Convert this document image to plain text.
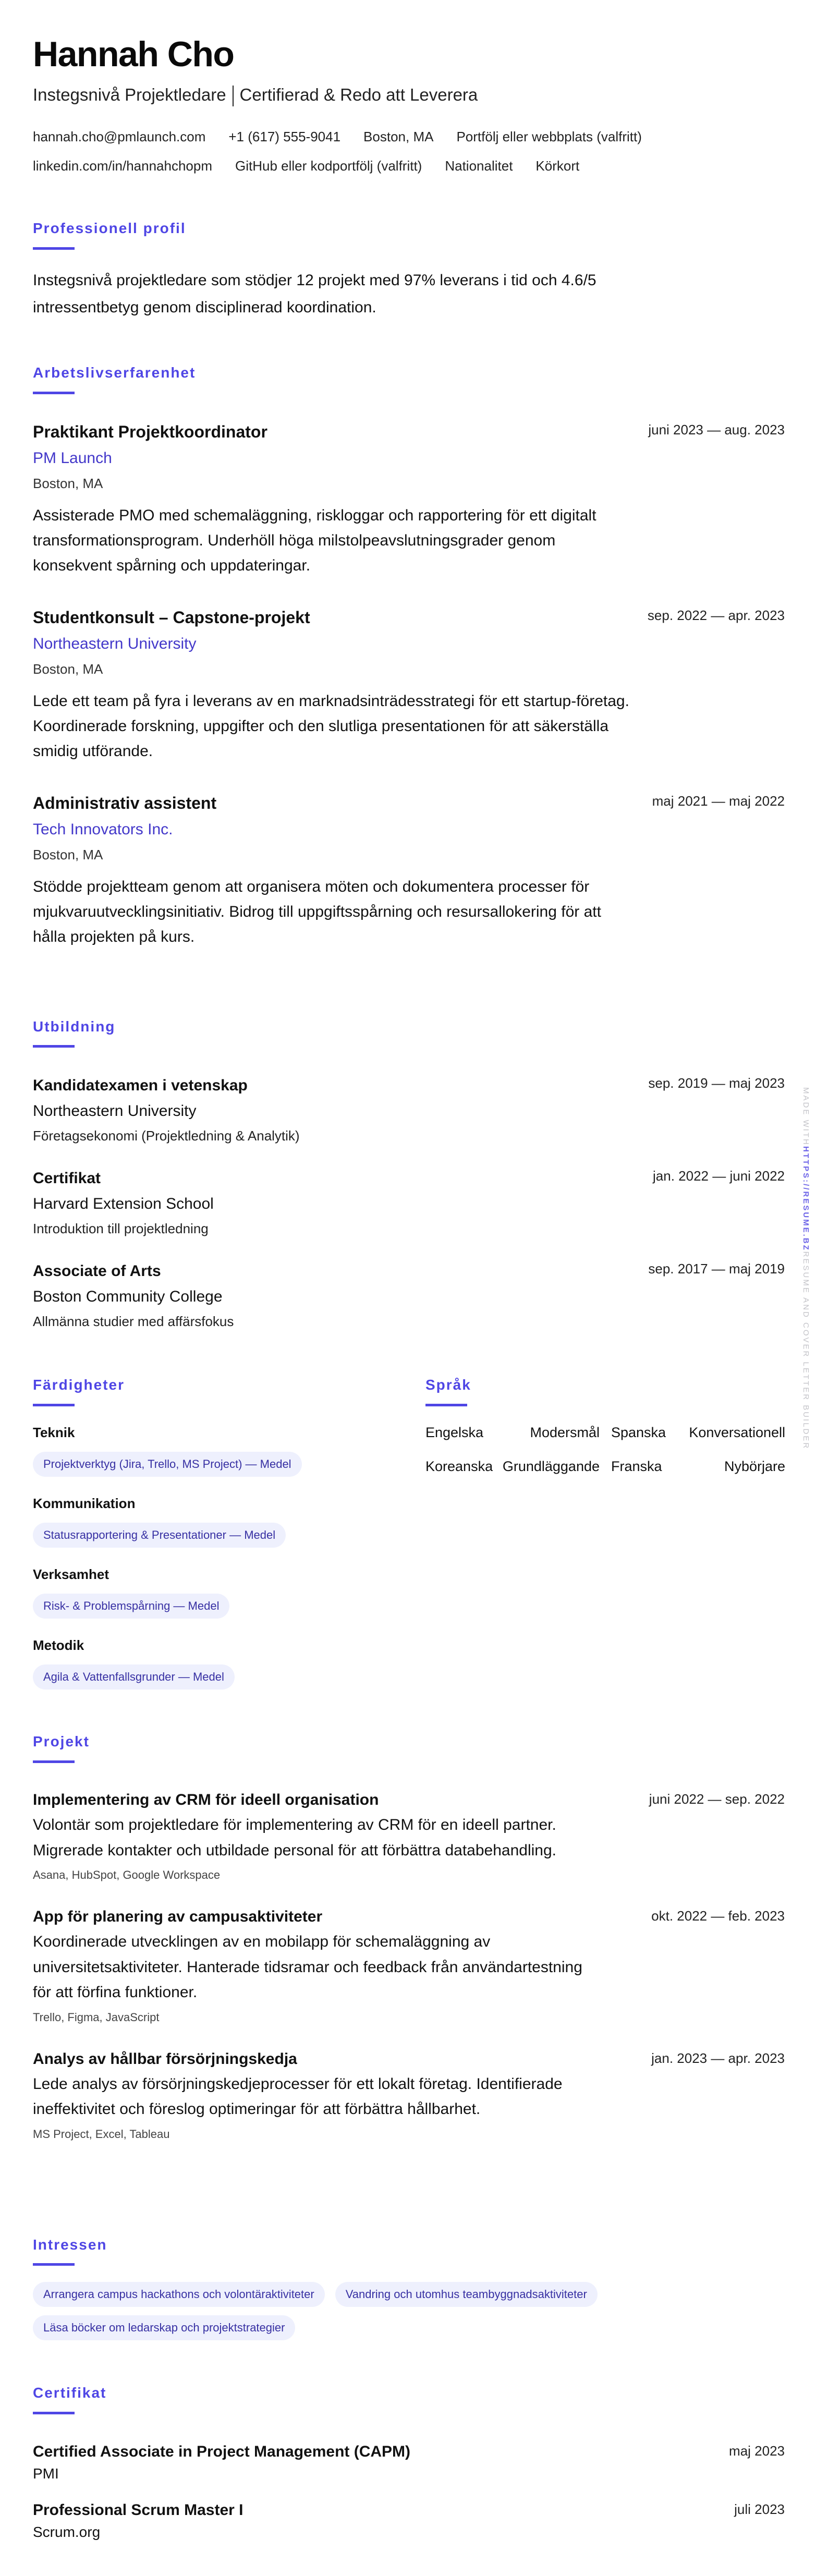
Hannah Cho
Instegsnivå Projektledare Certifierad & Redo att Leverera
hannah.cho@pmlaunch.com +1 (617) 555-9041 Boston, MA Portfölj eller webbplats (valfritt)
linkedin.com/in/hannahchopm GitHub eller kodportfölj (valfritt) Nationalitet Körkort
Professionell profil
Instegsnivå projektledare som stödjer 12 projekt med 97% leverans i tid och 4.6/5 intressentbetyg genom disciplinerad koordination.
Arbetslivserfarenhet
juni 2023 — aug. 2023
Praktikant Projektkoordinator
PM Launch
Boston, MA
Assisterade PMO med schemaläggning, riskloggar och rapportering för ett digitalt transformationsprogram. Underhöll höga milstolpeavslutningsgrader genom konsekvent spårning och uppdateringar.
sep. 2022 — apr. 2023
Studentkonsult – Capstone-projekt
Northeastern University
Boston, MA
Lede ett team på fyra i leverans av en marknadsinträdesstrategi för ett startup-företag. Koordinerade forskning, uppgifter och den slutliga presentationen för att säkerställa smidig utförande.
maj 2021 — maj 2022
Administrativ assistent
Tech Innovators Inc.
Boston, MA
Stödde projektteam genom att organisera möten och dokumentera processer för mjukvaruutvecklingsinitiativ. Bidrog till uppgiftsspårning och resursallokering för att hålla projekten på kurs.
Utbildning
sep. 2019 — maj 2023
Kandidatexamen i vetenskap
Northeastern University
Företagsekonomi (Projektledning & Analytik)
jan. 2022 — juni 2022
Certifikat
Harvard Extension School
Introduktion till projektledning
sep. 2017 — maj 2019
Associate of Arts
Boston Community College
Allmänna studier med affärsfokus
Färdigheter
Teknik
Projektverktyg (Jira, Trello, MS Project) — Medel
Kommunikation
Statusrapportering & Presentationer — Medel
Verksamhet
Risk- & Problemspårning — Medel
Metodik
Agila & Vattenfallsgrunder — Medel
Språk
Engelska	Modersmål Spanska Konversationell
Koreanska Grundläggande Franska	Nybörjare
Projekt
juni 2022 — sep. 2022
Implementering av CRM för ideell organisation
Volontär som projektledare för implementering av CRM för en ideell partner. Migrerade kontakter och utbildade personal för att förbättra databehandling.
Asana, HubSpot, Google Workspace
okt. 2022 — feb. 2023
App för planering av campusaktiviteter
Koordinerade utvecklingen av en mobilapp för schemaläggning av universitetsaktiviteter. Hanterade tidsramar och feedback från användartestning för att förfina funktioner.
Trello, Figma, JavaScript
jan. 2023 — apr. 2023
Analys av hållbar försörjningskedja
Lede analys av försörjningskedjeprocesser för ett lokalt företag. Identifierade ineffektivitet och föreslog optimeringar för att förbättra hållbarhet.
MS Project, Excel, Tableau
Intressen
Arrangera campus hackathons och volontäraktiviteter	Vandring och utomhus teambyggnadsaktiviteter
Läsa böcker om ledarskap och projektstrategier
Certifikat
maj 2023
Certified Associate in Project Management (CAPM)
PMI
juli 2023
Professional Scrum Master I
Scrum.org
MADE WITHHTTPS://RESUME.BZRESUME AND COVER LETTER BUILDER
